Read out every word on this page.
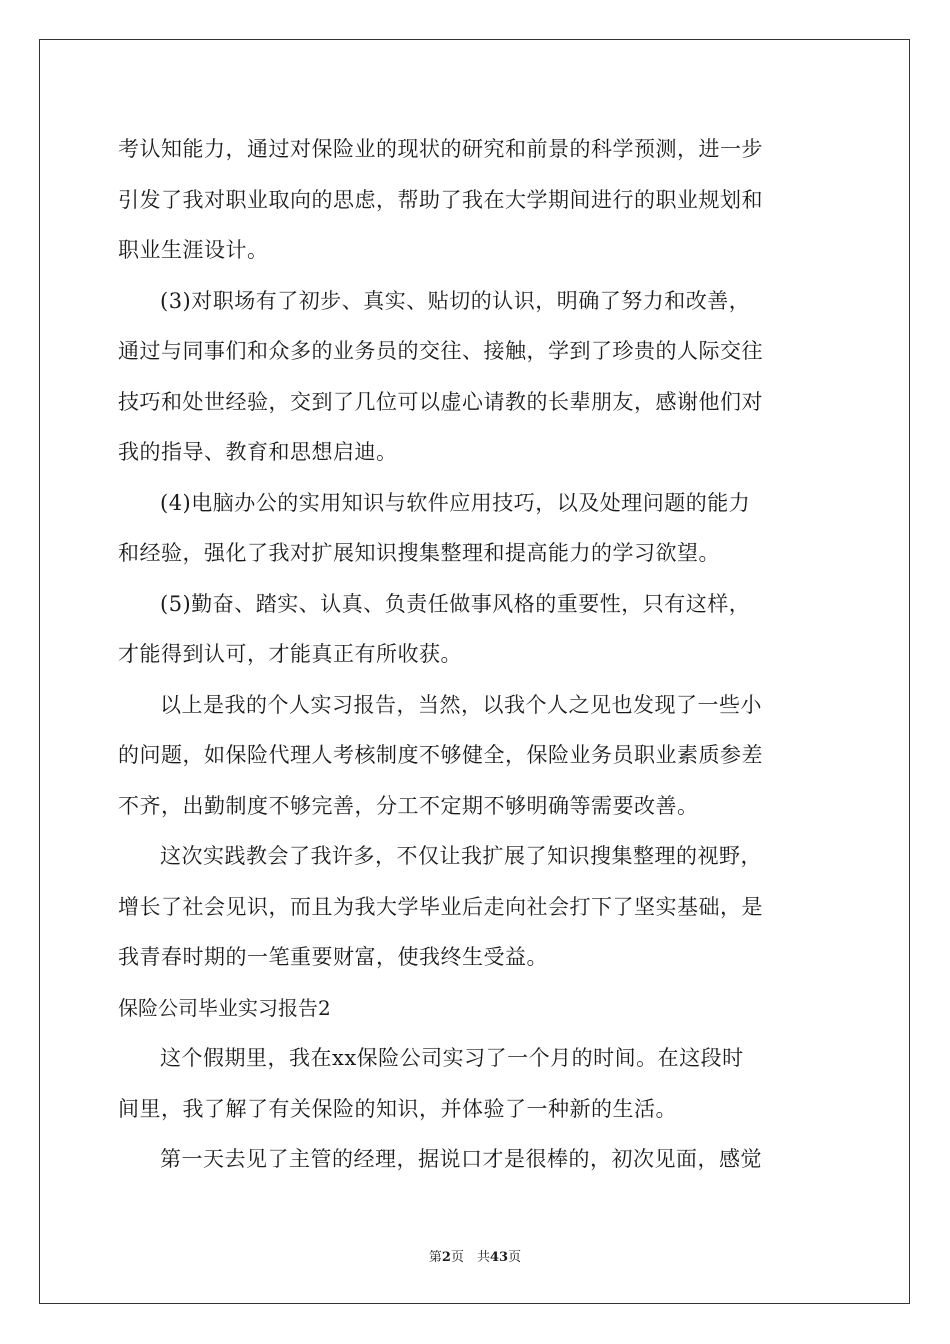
考认知能力，通过对保险业的现状的研究和前景的科学预测，进一步
引发了我对职业取向的思虑，帮助了我在大学期间进行的职业规划和
职业生涯设计。
(3)对职场有了初步、真实、贴切的认识，明确了努力和改善，
通过与同事们和众多的业务员的交往、接触，学到了珍贵的人际交往
技巧和处世经验，交到了几位可以虚心请教的长辈朋友，感谢他们对
我的指导、教育和思想启迪。
(4)电脑办公的实用知识与软件应用技巧，以及处理问题的能力
和经验，强化了我对扩展知识搜集整理和提高能力的学习欲望。
(5)勤奋、踏实、认真、负责任做事风格的重要性，只有这样，
才能得到认可，才能真正有所收获。
以上是我的个人实习报告，当然，以我个人之见也发现了一些小
的问题，如保险代理人考核制度不够健全，保险业务员职业素质参差
不齐，出勤制度不够完善，分工不定期不够明确等需要改善。
这次实践教会了我许多，不仅让我扩展了知识搜集整理的视野，
增长了社会见识，而且为我大学毕业后走向社会打下了坚实基础，是
我青春时期的一笔重要财富，使我终生受益。
保险公司毕业实习报告2
这个假期里，我在xx保险公司实习了一个月的时间。在这段时
间里，我了解了有关保险的知识，并体验了一种新的生活。
第一天去见了主管的经理，据说口才是很棒的，初次见面，感觉
第2页　共43页
